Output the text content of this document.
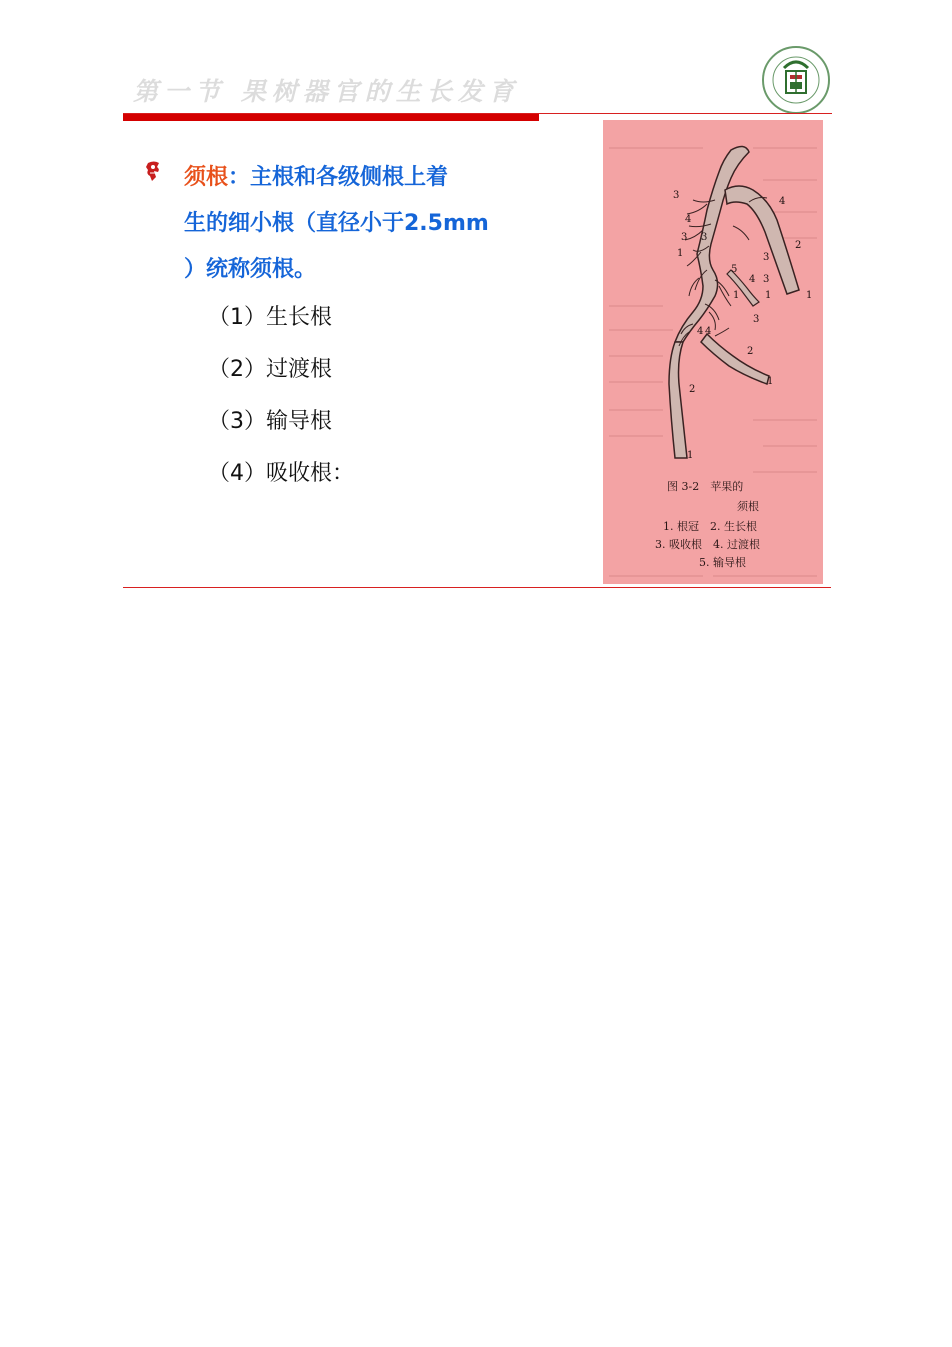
第一节 果树器官的生长发育
须根：主根和各级侧根上着
生的细小根（直径小于2.5mm
）统称须根。
（1）生长根
（2）过渡根
（3）输导根
（4）吸收根：
3
4
3 3
1
4
2
1
5
3
4 3
1
1
3
4 4
2
2
1
1
图 3-2　苹果的
须根
1. 根冠　2. 生长根
3. 吸收根　4. 过渡根
5. 输导根
